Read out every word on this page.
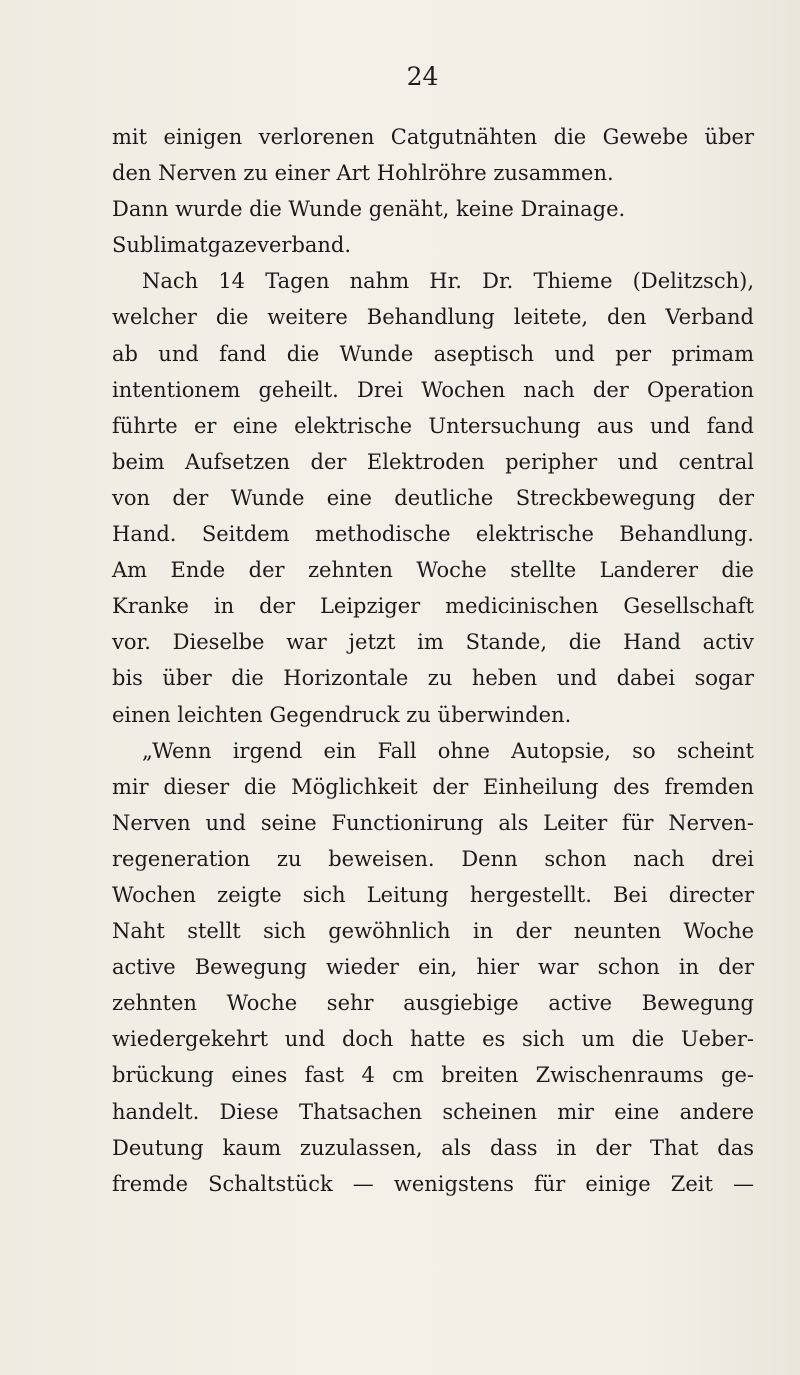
24
mit einigen verlorenen Catgutnähten die Gewebe über
den Nerven zu einer Art Hohlröhre zusammen.
Dann wurde die Wunde genäht, keine Drainage.
Sublimatgazeverband.
Nach 14 Tagen nahm Hr. Dr. Thieme (Delitzsch),
welcher die weitere Behandlung leitete, den Verband
ab und fand die Wunde aseptisch und per primam
intentionem geheilt. Drei Wochen nach der Operation
führte er eine elektrische Untersuchung aus und fand
beim Aufsetzen der Elektroden peripher und central
von der Wunde eine deutliche Streckbewegung der
Hand. Seitdem methodische elektrische Behandlung.
Am Ende der zehnten Woche stellte Landerer die
Kranke in der Leipziger medicinischen Gesellschaft
vor. Dieselbe war jetzt im Stande, die Hand activ
bis über die Horizontale zu heben und dabei sogar
einen leichten Gegendruck zu überwinden.
„Wenn irgend ein Fall ohne Autopsie, so scheint
mir dieser die Möglichkeit der Einheilung des fremden
Nerven und seine Functionirung als Leiter für Nerven-
regeneration zu beweisen. Denn schon nach drei
Wochen zeigte sich Leitung hergestellt. Bei directer
Naht stellt sich gewöhnlich in der neunten Woche
active Bewegung wieder ein, hier war schon in der
zehnten Woche sehr ausgiebige active Bewegung
wiedergekehrt und doch hatte es sich um die Ueber-
brückung eines fast 4 cm breiten Zwischenraums ge-
handelt. Diese Thatsachen scheinen mir eine andere
Deutung kaum zuzulassen, als dass in der That das
fremde Schaltstück — wenigstens für einige Zeit —
